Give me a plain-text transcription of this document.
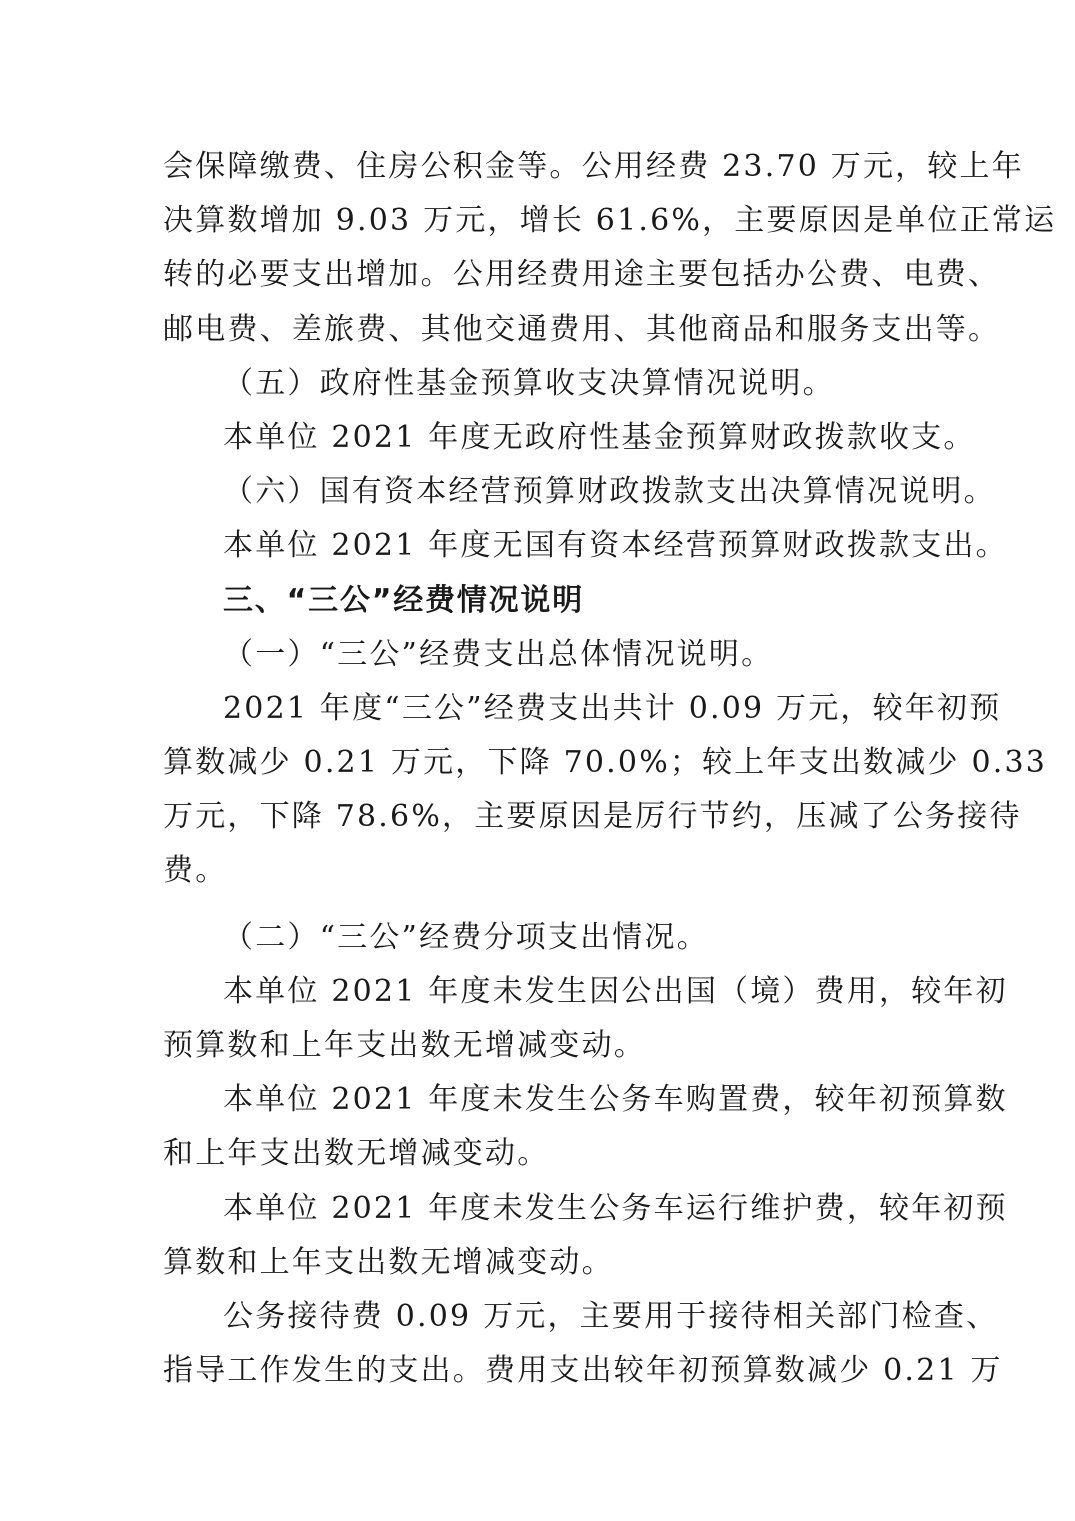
会保障缴费、住房公积金等。公用经费 23.70 万元，较上年
决算数增加 9.03 万元，增长 61.6%，主要原因是单位正常运
转的必要支出增加。公用经费用途主要包括办公费、电费、
邮电费、差旅费、其他交通费用、其他商品和服务支出等。
（五）政府性基金预算收支决算情况说明。
本单位 2021 年度无政府性基金预算财政拨款收支。
（六）国有资本经营预算财政拨款支出决算情况说明。
本单位 2021 年度无国有资本经营预算财政拨款支出。
三、“三公”经费情况说明
（一）“三公”经费支出总体情况说明。
2021 年度“三公”经费支出共计 0.09 万元，较年初预
算数减少 0.21 万元，下降 70.0%；较上年支出数减少 0.33
万元，下降 78.6%，主要原因是厉行节约，压减了公务接待
费。
（二）“三公”经费分项支出情况。
本单位 2021 年度未发生因公出国（境）费用，较年初
预算数和上年支出数无增减变动。
本单位 2021 年度未发生公务车购置费，较年初预算数
和上年支出数无增减变动。
本单位 2021 年度未发生公务车运行维护费，较年初预
算数和上年支出数无增减变动。
公务接待费 0.09 万元，主要用于接待相关部门检查、
指导工作发生的支出。费用支出较年初预算数减少 0.21 万
